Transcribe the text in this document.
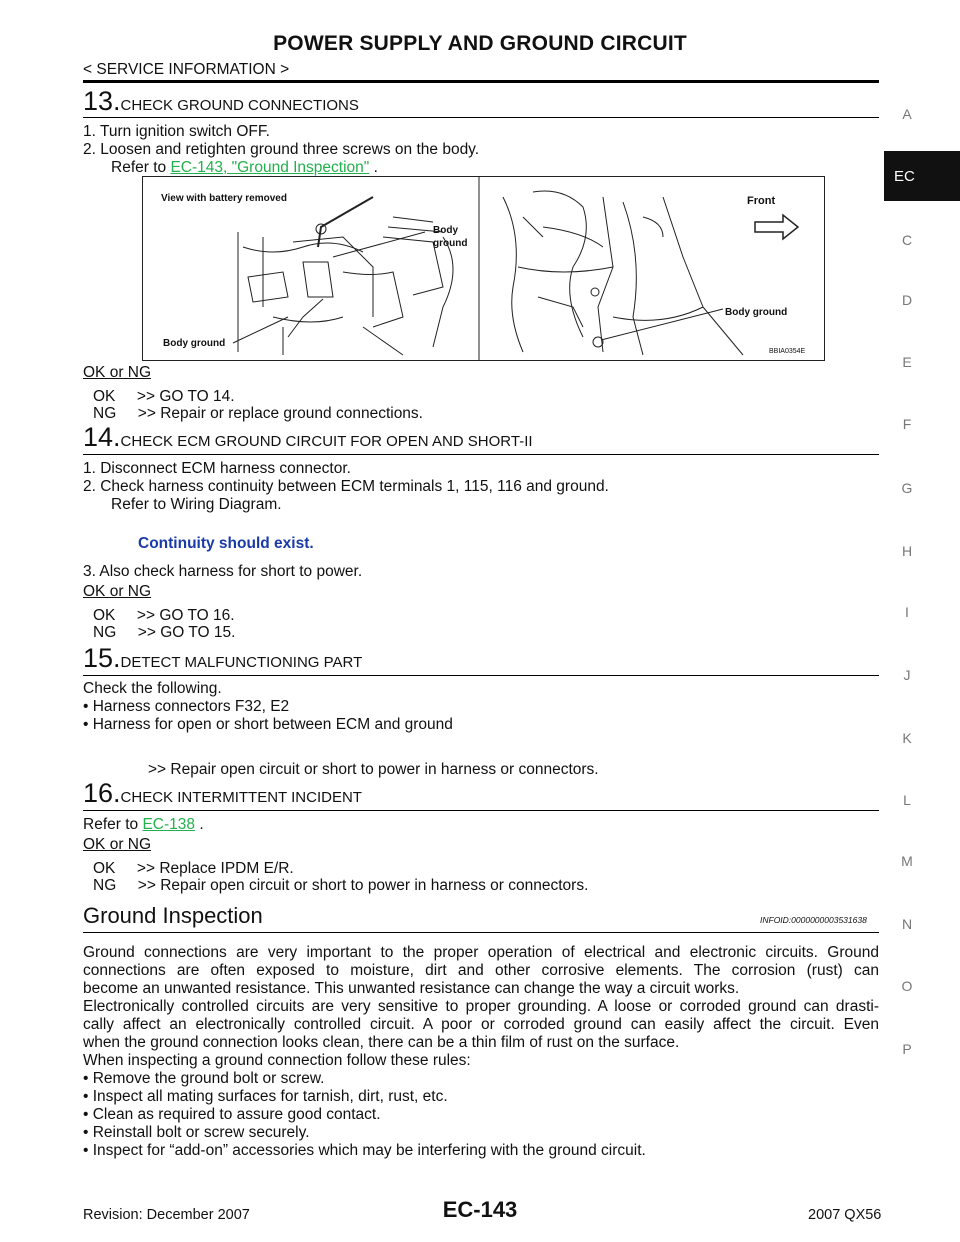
POWER SUPPLY AND GROUND CIRCUIT
< SERVICE INFORMATION >
A
EC
C
D
E
F
G
H
I
J
K
L
M
N
O
P
13.CHECK GROUND CONNECTIONS
1. Turn ignition switch OFF.
2. Loosen and retighten ground three screws on the body.
Refer to EC-143, "Ground Inspection" .
View with battery removed
Body
ground
Body ground
Front
Body ground
BBIA0354E
OK or NG
OK     >> GO TO 14.
NG     >> Repair or replace ground connections.
14.CHECK ECM GROUND CIRCUIT FOR OPEN AND SHORT-II
1. Disconnect ECM harness connector.
2. Check harness continuity between ECM terminals 1, 115, 116 and ground.
Refer to Wiring Diagram.
Continuity should exist.
3. Also check harness for short to power.
OK or NG
OK     >> GO TO 16.
NG     >> GO TO 15.
15.DETECT MALFUNCTIONING PART
Check the following.
• Harness connectors F32, E2
• Harness for open or short between ECM and ground
>> Repair open circuit or short to power in harness or connectors.
16.CHECK INTERMITTENT INCIDENT
Refer to EC-138 .
OK or NG
OK     >> Replace IPDM E/R.
NG     >> Repair open circuit or short to power in harness or connectors.
Ground Inspection	INFOID:0000000003531638
Ground connections are very important to the proper operation of electrical and electronic circuits. Ground
connections are often exposed to moisture, dirt and other corrosive elements. The corrosion (rust) can
become an unwanted resistance. This unwanted resistance can change the way a circuit works.
Electronically controlled circuits are very sensitive to proper grounding. A loose or corroded ground can drasti-
cally affect an electronically controlled circuit. A poor or corroded ground can easily affect the circuit. Even
when the ground connection looks clean, there can be a thin film of rust on the surface.
When inspecting a ground connection follow these rules:
• Remove the ground bolt or screw.
• Inspect all mating surfaces for tarnish, dirt, rust, etc.
• Clean as required to assure good contact.
• Reinstall bolt or screw securely.
• Inspect for “add-on” accessories which may be interfering with the ground circuit.
Revision: December 2007	EC-143	2007 QX56
